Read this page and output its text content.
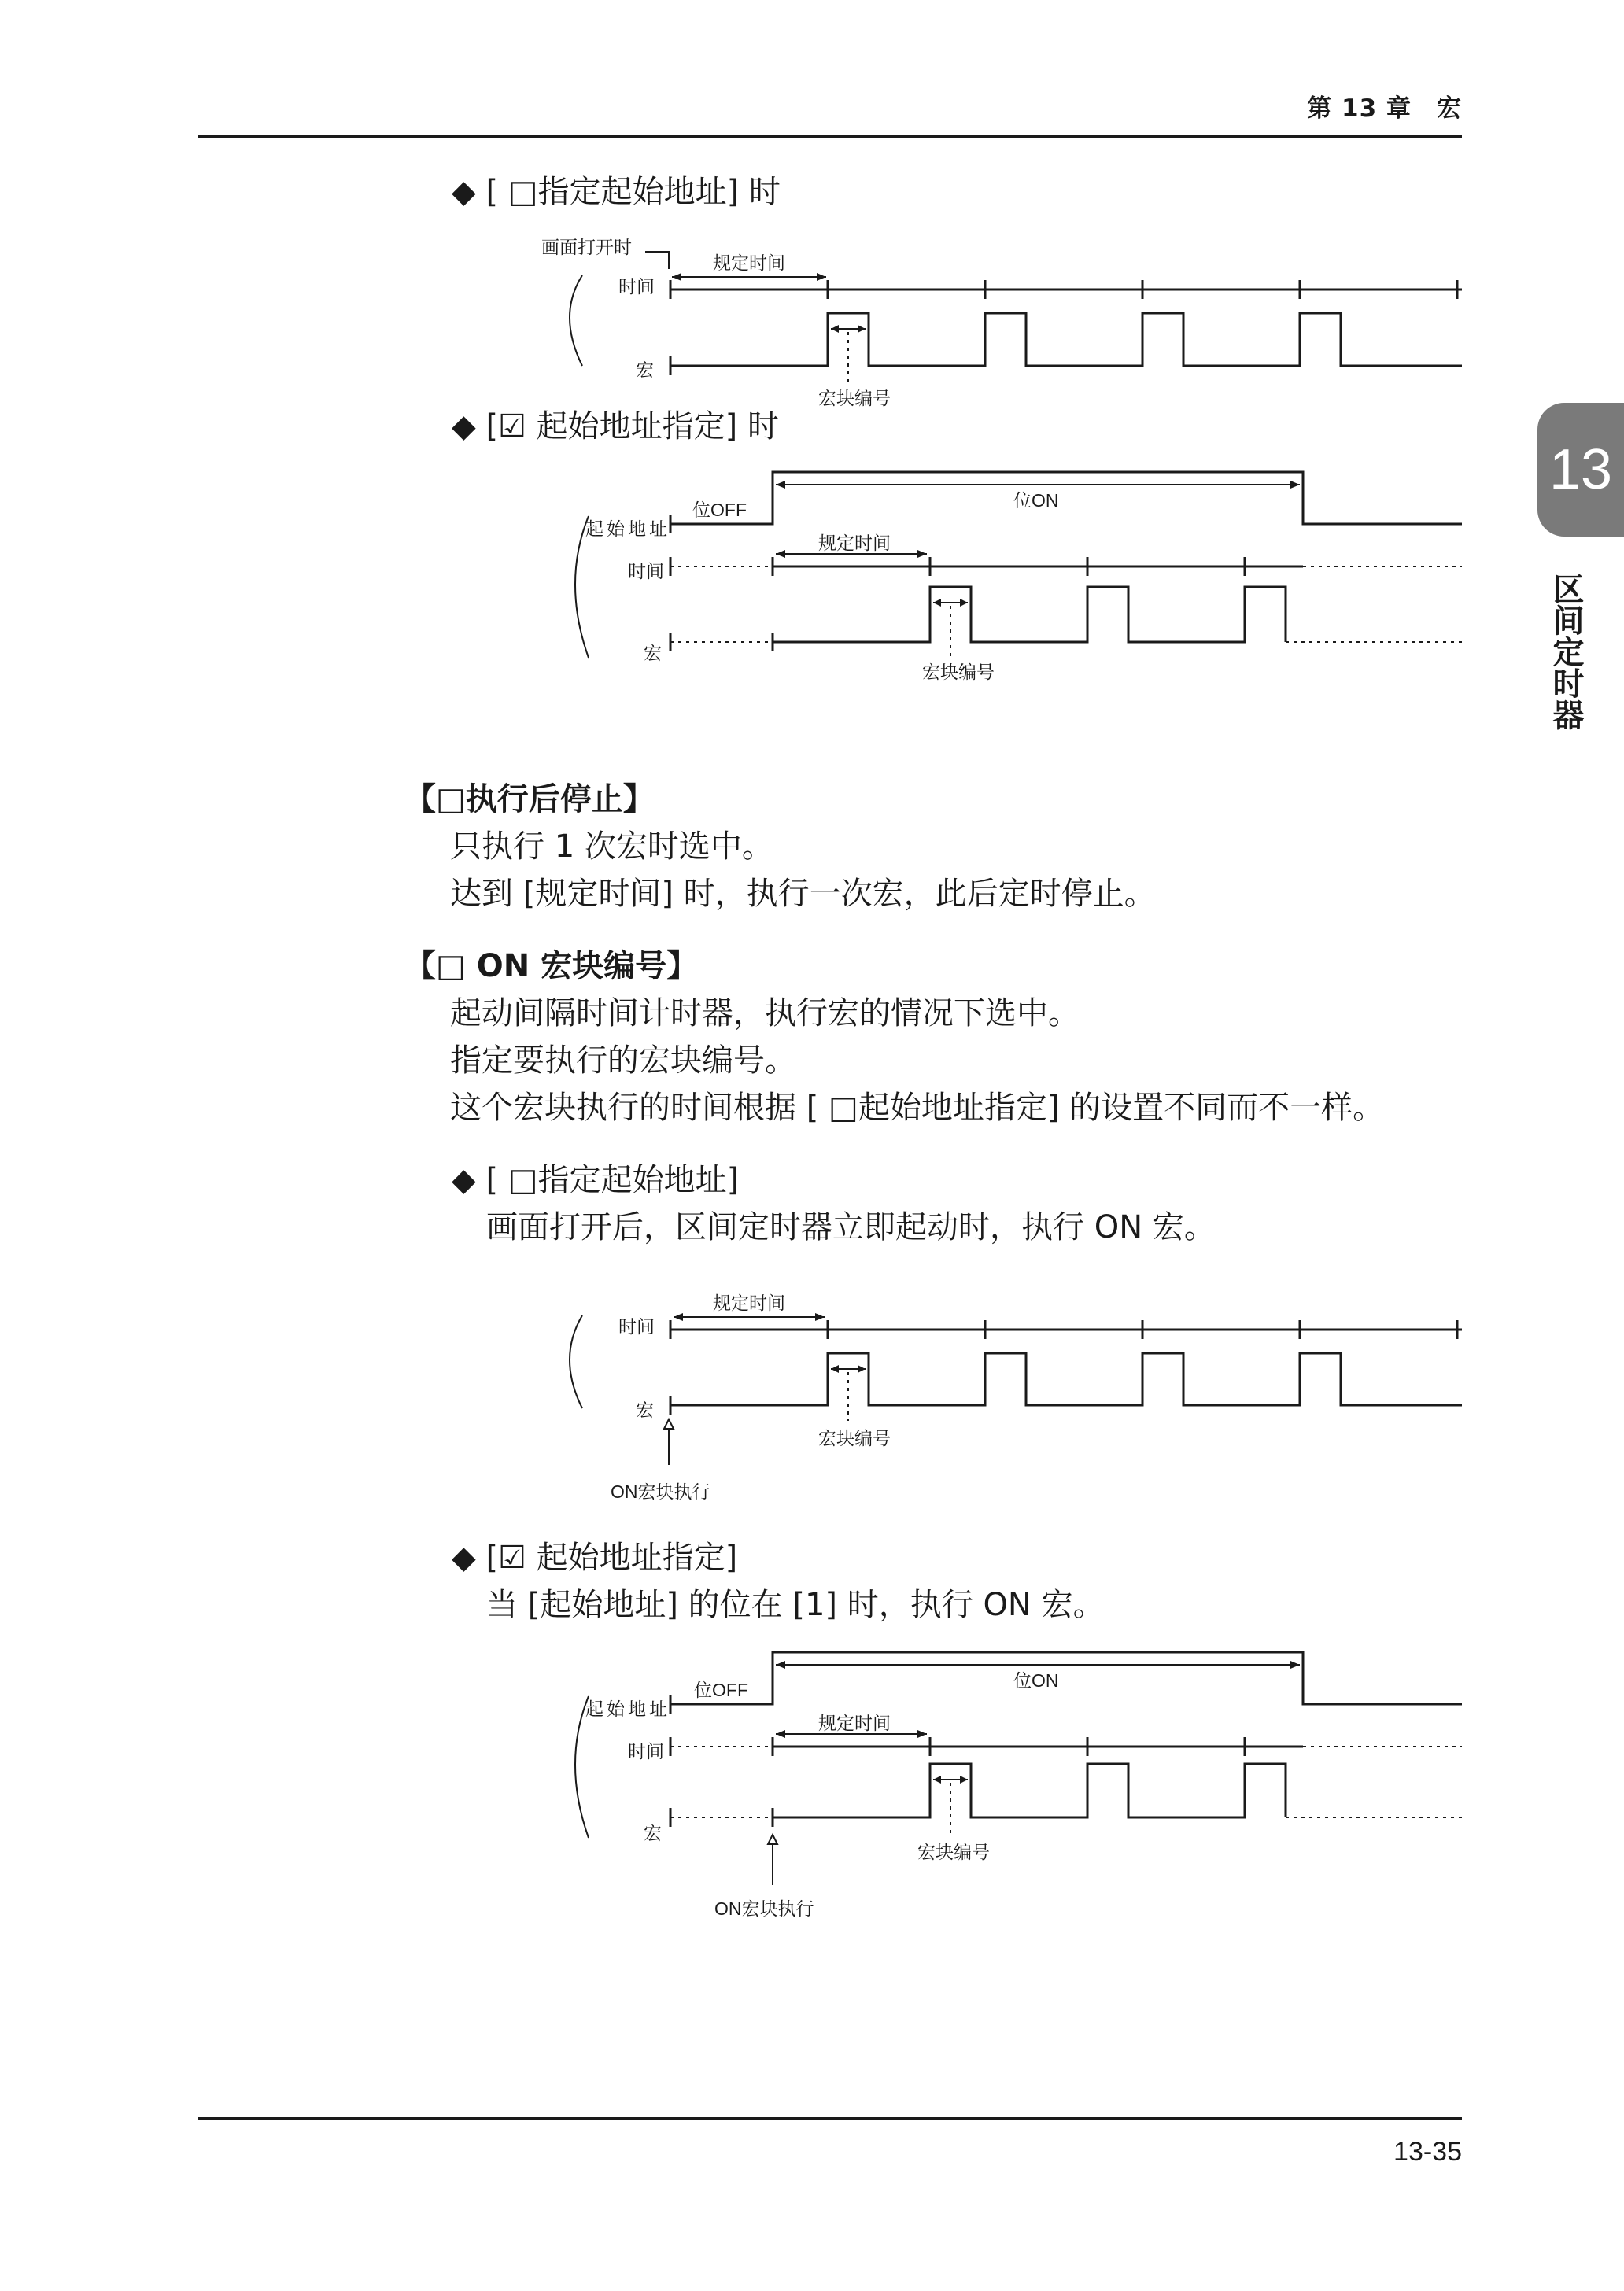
第 13 章　宏
13
区间定时器
◆ [ □指定起始地址] 时
画面打开时
规定时间
时间
宏
宏块编号
◆ [☑ 起始地址指定] 时
位OFF	位ON
起始地址
规定时间
时间
宏
宏块编号
【□执行后停止】
只执行 1 次宏时选中。
达到 [规定时间] 时，执行一次宏，此后定时停止。
【□ ON 宏块编号】
起动间隔时间计时器，执行宏的情况下选中。
指定要执行的宏块编号。
这个宏块执行的时间根据 [ □起始地址指定] 的设置不同而不一样。
◆ [ □指定起始地址]
画面打开后，区间定时器立即起动时，执行 ON 宏。
规定时间
时间
宏
宏块编号
ON宏块执行
◆ [☑ 起始地址指定]
当 [起始地址] 的位在 [1] 时，执行 ON 宏。
位OFF	位ON
起始地址
规定时间
时间
宏
宏块编号
ON宏块执行
13-35
